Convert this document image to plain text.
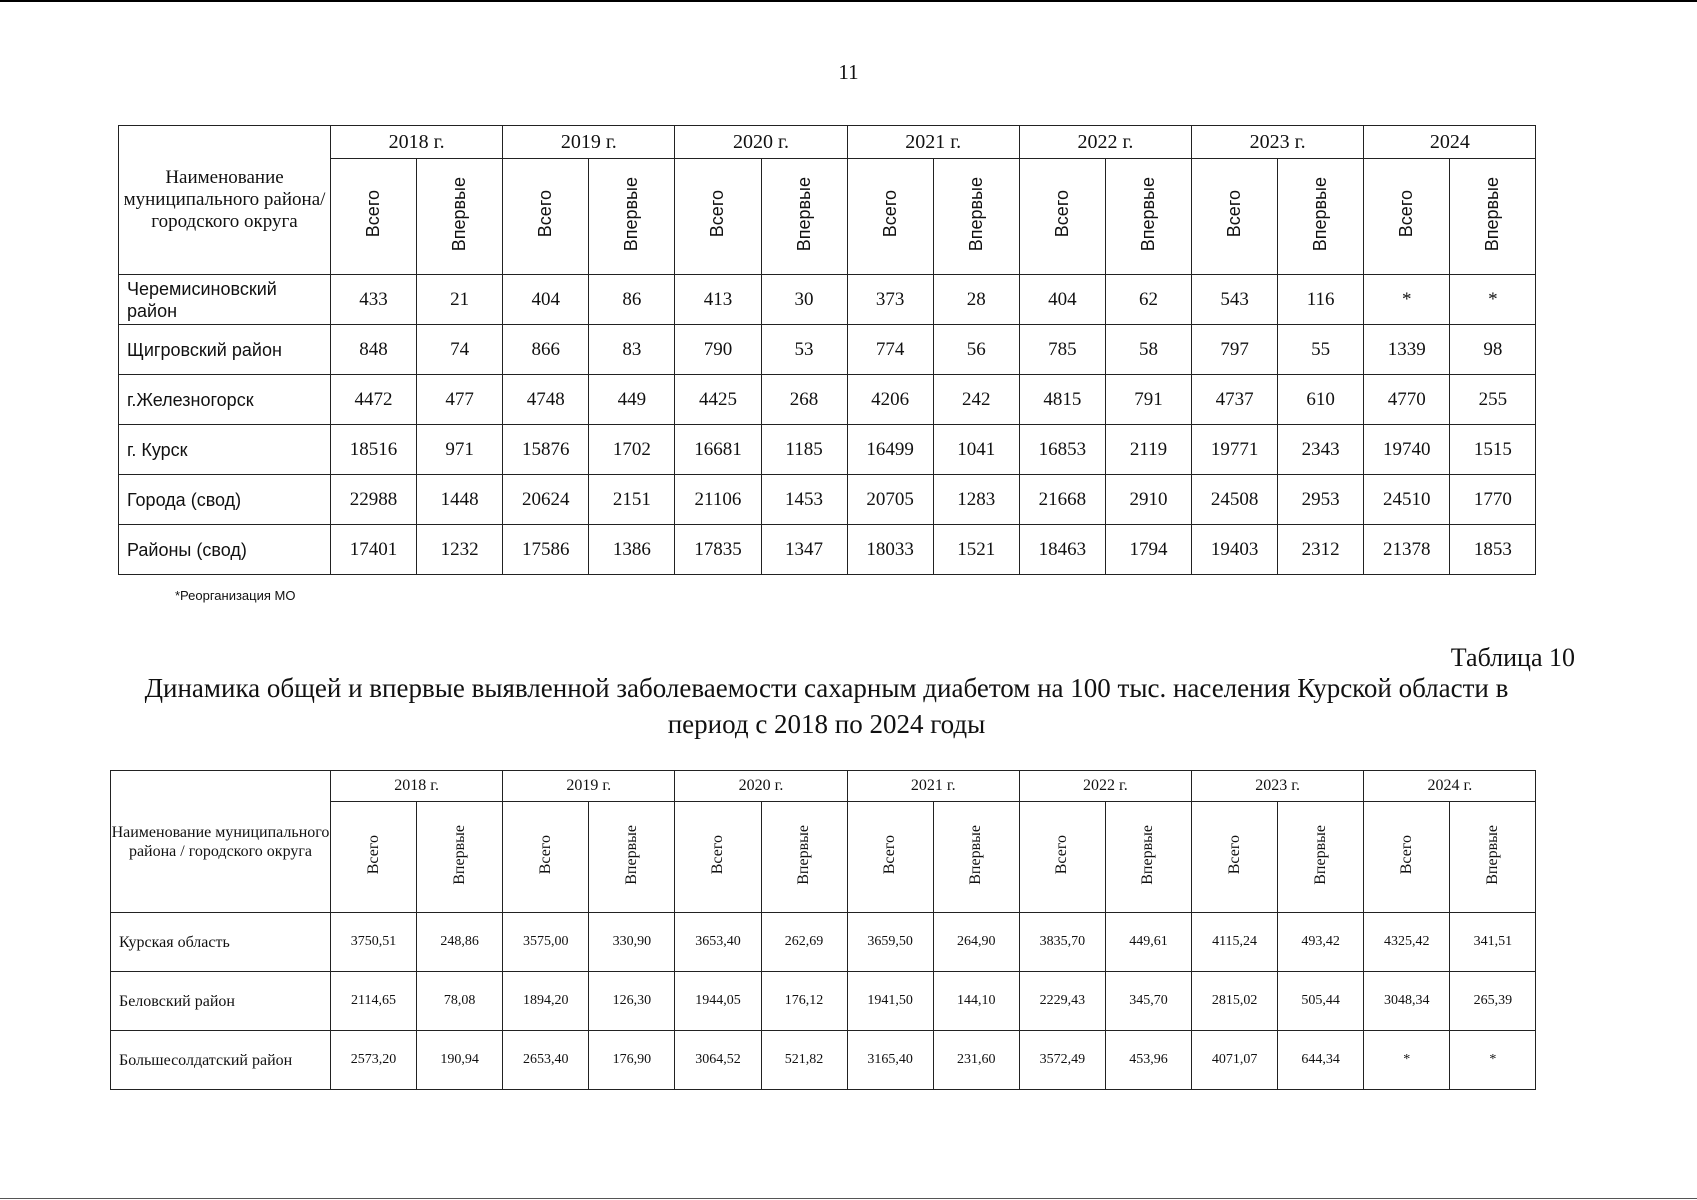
11
Наименование муниципального района/ городского округа	2018 г.		2019 г.		2020 г.		2021 г.		2022 г.		2023 г.		2024	
	Всего	Впервые	Всего	Впервые	Всего	Впервые	Всего	Впервые	Всего	Впервые	Всего	Впервые	Всего	Впервые
Черемисиновский район	433	21	404	86	413	30	373	28	404	62	543	116	*	*
Щигровский район	848	74	866	83	790	53	774	56	785	58	797	55	1339	98
г.Железногорск	4472	477	4748	449	4425	268	4206	242	4815	791	4737	610	4770	255
г. Курск	18516	971	15876	1702	16681	1185	16499	1041	16853	2119	19771	2343	19740	1515
Города (свод)	22988	1448	20624	2151	21106	1453	20705	1283	21668	2910	24508	2953	24510	1770
Районы (свод)	17401	1232	17586	1386	17835	1347	18033	1521	18463	1794	19403	2312	21378	1853
*Реорганизация МО
Таблица 10
Динамика общей и впервые выявленной заболеваемости сахарным диабетом на 100 тыс. населения Курской области в период с 2018 по 2024 годы
Наименование муниципального района / городского округа	2018 г.		2019 г.		2020 г.		2021 г.		2022 г.		2023 г.		2024 г.	
	Всего	Впервые	Всего	Впервые	Всего	Впервые	Всего	Впервые	Всего	Впервые	Всего	Впервые	Всего	Впервые
Курская область	3750,51	248,86	3575,00	330,90	3653,40	262,69	3659,50	264,90	3835,70	449,61	4115,24	493,42	4325,42	341,51
Беловский район	2114,65	78,08	1894,20	126,30	1944,05	176,12	1941,50	144,10	2229,43	345,70	2815,02	505,44	3048,34	265,39
Большесолдатский район	2573,20	190,94	2653,40	176,90	3064,52	521,82	3165,40	231,60	3572,49	453,96	4071,07	644,34	*	*
